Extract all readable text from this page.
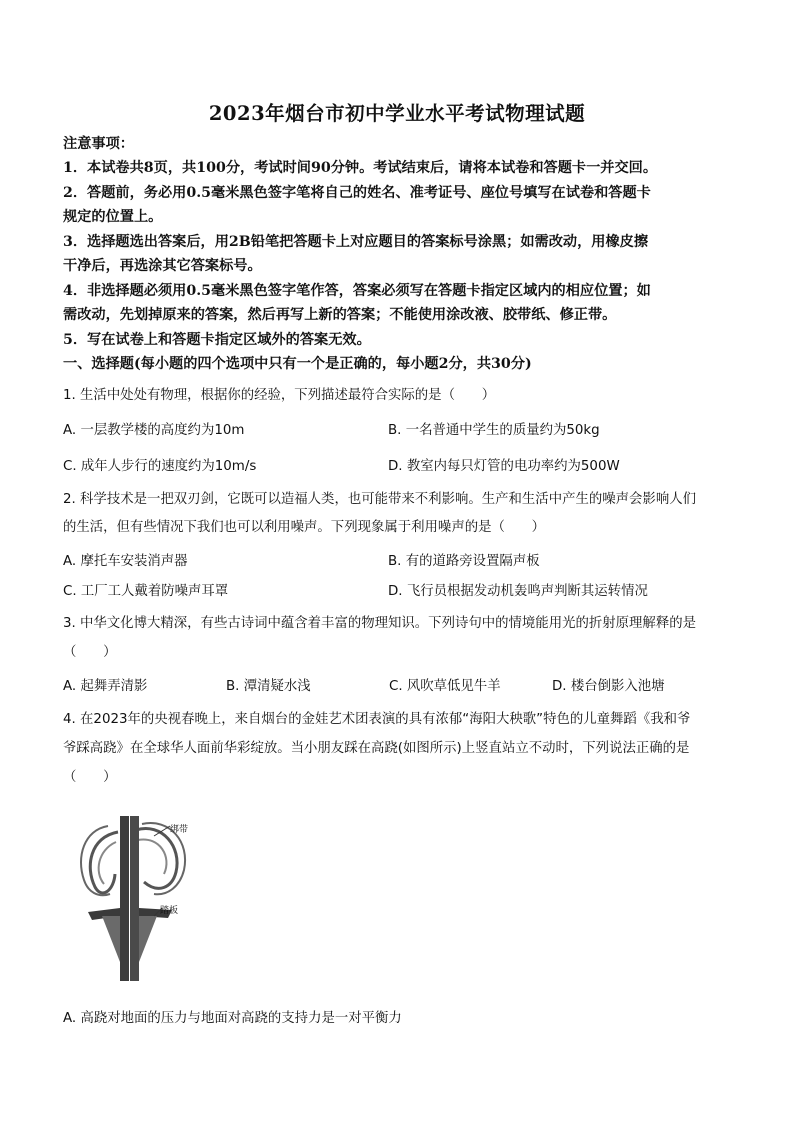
2023年烟台市初中学业水平考试物理试题
注意事项：
1．本试卷共8页，共100分，考试时间90分钟。考试结束后，请将本试卷和答题卡一并交回。
2．答题前，务必用0.5毫米黑色签字笔将自己的姓名、准考证号、座位号填写在试卷和答题卡
规定的位置上。
3．选择题选出答案后，用2B铅笔把答题卡上对应题目的答案标号涂黑；如需改动，用橡皮擦
干净后，再选涂其它答案标号。
4．非选择题必须用0.5毫米黑色签字笔作答，答案必须写在答题卡指定区域内的相应位置；如
需改动，先划掉原来的答案，然后再写上新的答案；不能使用涂改液、胶带纸、修正带。
5．写在试卷上和答题卡指定区域外的答案无效。
一、选择题(每小题的四个选项中只有一个是正确的，每小题2分，共30分)
1. 生活中处处有物理，根据你的经验，下列描述最符合实际的是（　　）
A. 一层教学楼的高度约为10m	B. 一名普通中学生的质量约为50kg
C. 成年人步行的速度约为10m/s	D. 教室内每只灯管的电功率约为500W
2. 科学技术是一把双刃剑，它既可以造福人类，也可能带来不利影响。生产和生活中产生的噪声会影响人们
的生活，但有些情况下我们也可以利用噪声。下列现象属于利用噪声的是（　　）
A. 摩托车安装消声器	B. 有的道路旁设置隔声板
C. 工厂工人戴着防噪声耳罩	D. 飞行员根据发动机轰鸣声判断其运转情况
3. 中华文化博大精深，有些古诗词中蕴含着丰富的物理知识。下列诗句中的情境能用光的折射原理解释的是
（　　）
A. 起舞弄清影	B. 潭清疑水浅	C. 风吹草低见牛羊	D. 楼台倒影入池塘
4. 在2023年的央视春晚上，来自烟台的金娃艺术团表演的具有浓郁“海阳大秧歌”特色的儿童舞蹈《我和爷
爷踩高跷》在全球华人面前华彩绽放。当小朋友踩在高跷(如图所示)上竖直站立不动时，下列说法正确的是
（　　）
绑带
踏板
A. 高跷对地面的压力与地面对高跷的支持力是一对平衡力
